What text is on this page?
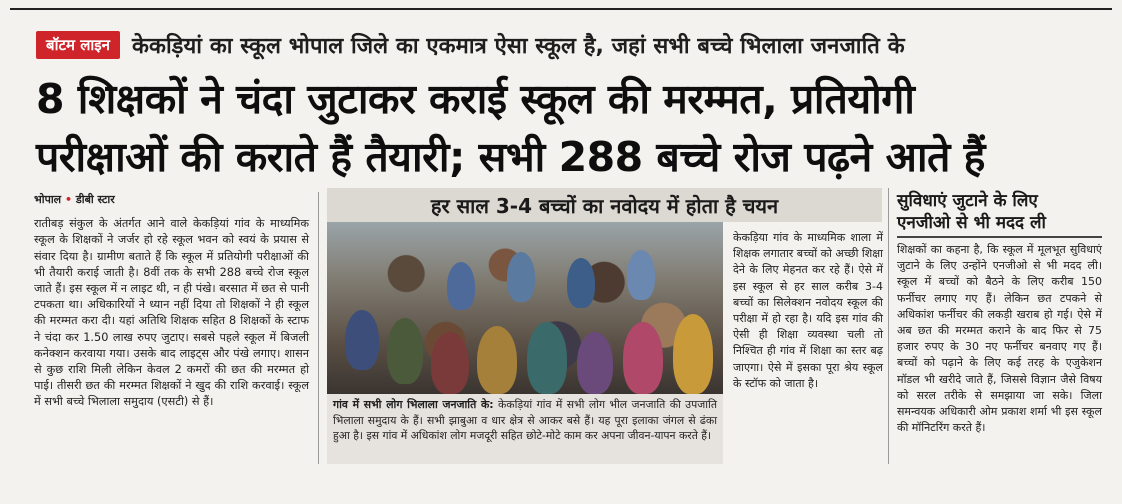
बॉटम लाइन	केकड़ियां का स्कूल भोपाल जिले का एकमात्र ऐसा स्कूल है, जहां सभी बच्चे भिलाला जनजाति के
8 शिक्षकों ने चंदा जुटाकर कराई स्कूल की मरम्मत, प्रतियोगी
परीक्षाओं की कराते हैं तैयारी; सभी 288 बच्चे रोज पढ़ने आते हैं
भोपाल • डीबी स्टार

रातीबड़ संकुल के अंतर्गत आने वाले केकड़ियां गांव के माध्यमिक स्कूल के शिक्षकों ने जर्जर हो रहे स्कूल भवन को स्वयं के प्रयास से संवार दिया है। ग्रामीण बताते हैं कि स्कूल में प्रतियोगी परीक्षाओं की भी तैयारी कराई जाती है। 8वीं तक के सभी 288 बच्चे रोज स्कूल जाते हैं। इस स्कूल में न लाइट थी, न ही पंखे। बरसात में छत से पानी टपकता था। अधिकारियों ने ध्यान नहीं दिया तो शिक्षकों ने ही स्कूल की मरम्मत करा दी। यहां अतिथि शिक्षक सहित 8 शिक्षकों के स्टाफ ने चंदा कर 1.50 लाख रुपए जुटाए। सबसे पहले स्कूल में बिजली कनेक्शन करवाया गया। उसके बाद लाइट्स और पंखे लगाए। शासन से कुछ राशि मिली लेकिन केवल 2 कमरों की छत की मरम्मत हो पाई। तीसरी छत की मरम्मत शिक्षकों ने खुद की राशि करवाई। स्कूल में सभी बच्चे भिलाला समुदाय (एसटी) से हैं।

हर साल 3-4 बच्चों का नवोदय में होता है चयन
गांव में सभी लोग भिलाला जनजाति के: केकड़ियां गांव में सभी लोग भील जनजाति की उपजाति भिलाला समुदाय के हैं। सभी झाबुआ व धार क्षेत्र से आकर बसे हैं। यह पूरा इलाका जंगल से ढंका हुआ है। इस गांव में अधिकांश लोग मजदूरी सहित छोटे-मोटे काम कर अपना जीवन-यापन करते हैं।

केकड़िया गांव के माध्यमिक शाला में शिक्षक लगातार बच्चों को अच्छी शिक्षा देने के लिए मेहनत कर रहे हैं। ऐसे में इस स्कूल से हर साल करीब 3-4 बच्चों का सिलेक्शन नवोदय स्कूल की परीक्षा में हो रहा है। यदि इस गांव की ऐसी ही शिक्षा व्यवस्था चली तो निश्चित ही गांव में शिक्षा का स्तर बढ़ जाएगा। ऐसे में इसका पूरा श्रेय स्कूल के स्टॉफ को जाता है।

सुविधाएं जुटाने के लिए
एनजीओ से भी मदद ली

शिक्षकों का कहना है, कि स्कूल में मूलभूत सुविधाएं जुटाने के लिए उन्होंने एनजीओ से भी मदद ली। स्कूल में बच्चों को बैठने के लिए करीब 150 फर्नीचर लगाए गए हैं। लेकिन छत टपकने से अधिकांश फर्नीचर की लकड़ी खराब हो गई। ऐसे में अब छत की मरम्मत कराने के बाद फिर से 75 हजार रुपए के 30 नए फर्नीचर बनवाए गए हैं। बच्चों को पढ़ाने के लिए कई तरह के एजुकेशन मॉडल भी खरीदे जाते हैं, जिससे विज्ञान जैसे विषय को सरल तरीके से समझाया जा सके। जिला समन्वयक अधिकारी ओम प्रकाश शर्मा भी इस स्कूल की मॉनिटरिंग करते हैं।
